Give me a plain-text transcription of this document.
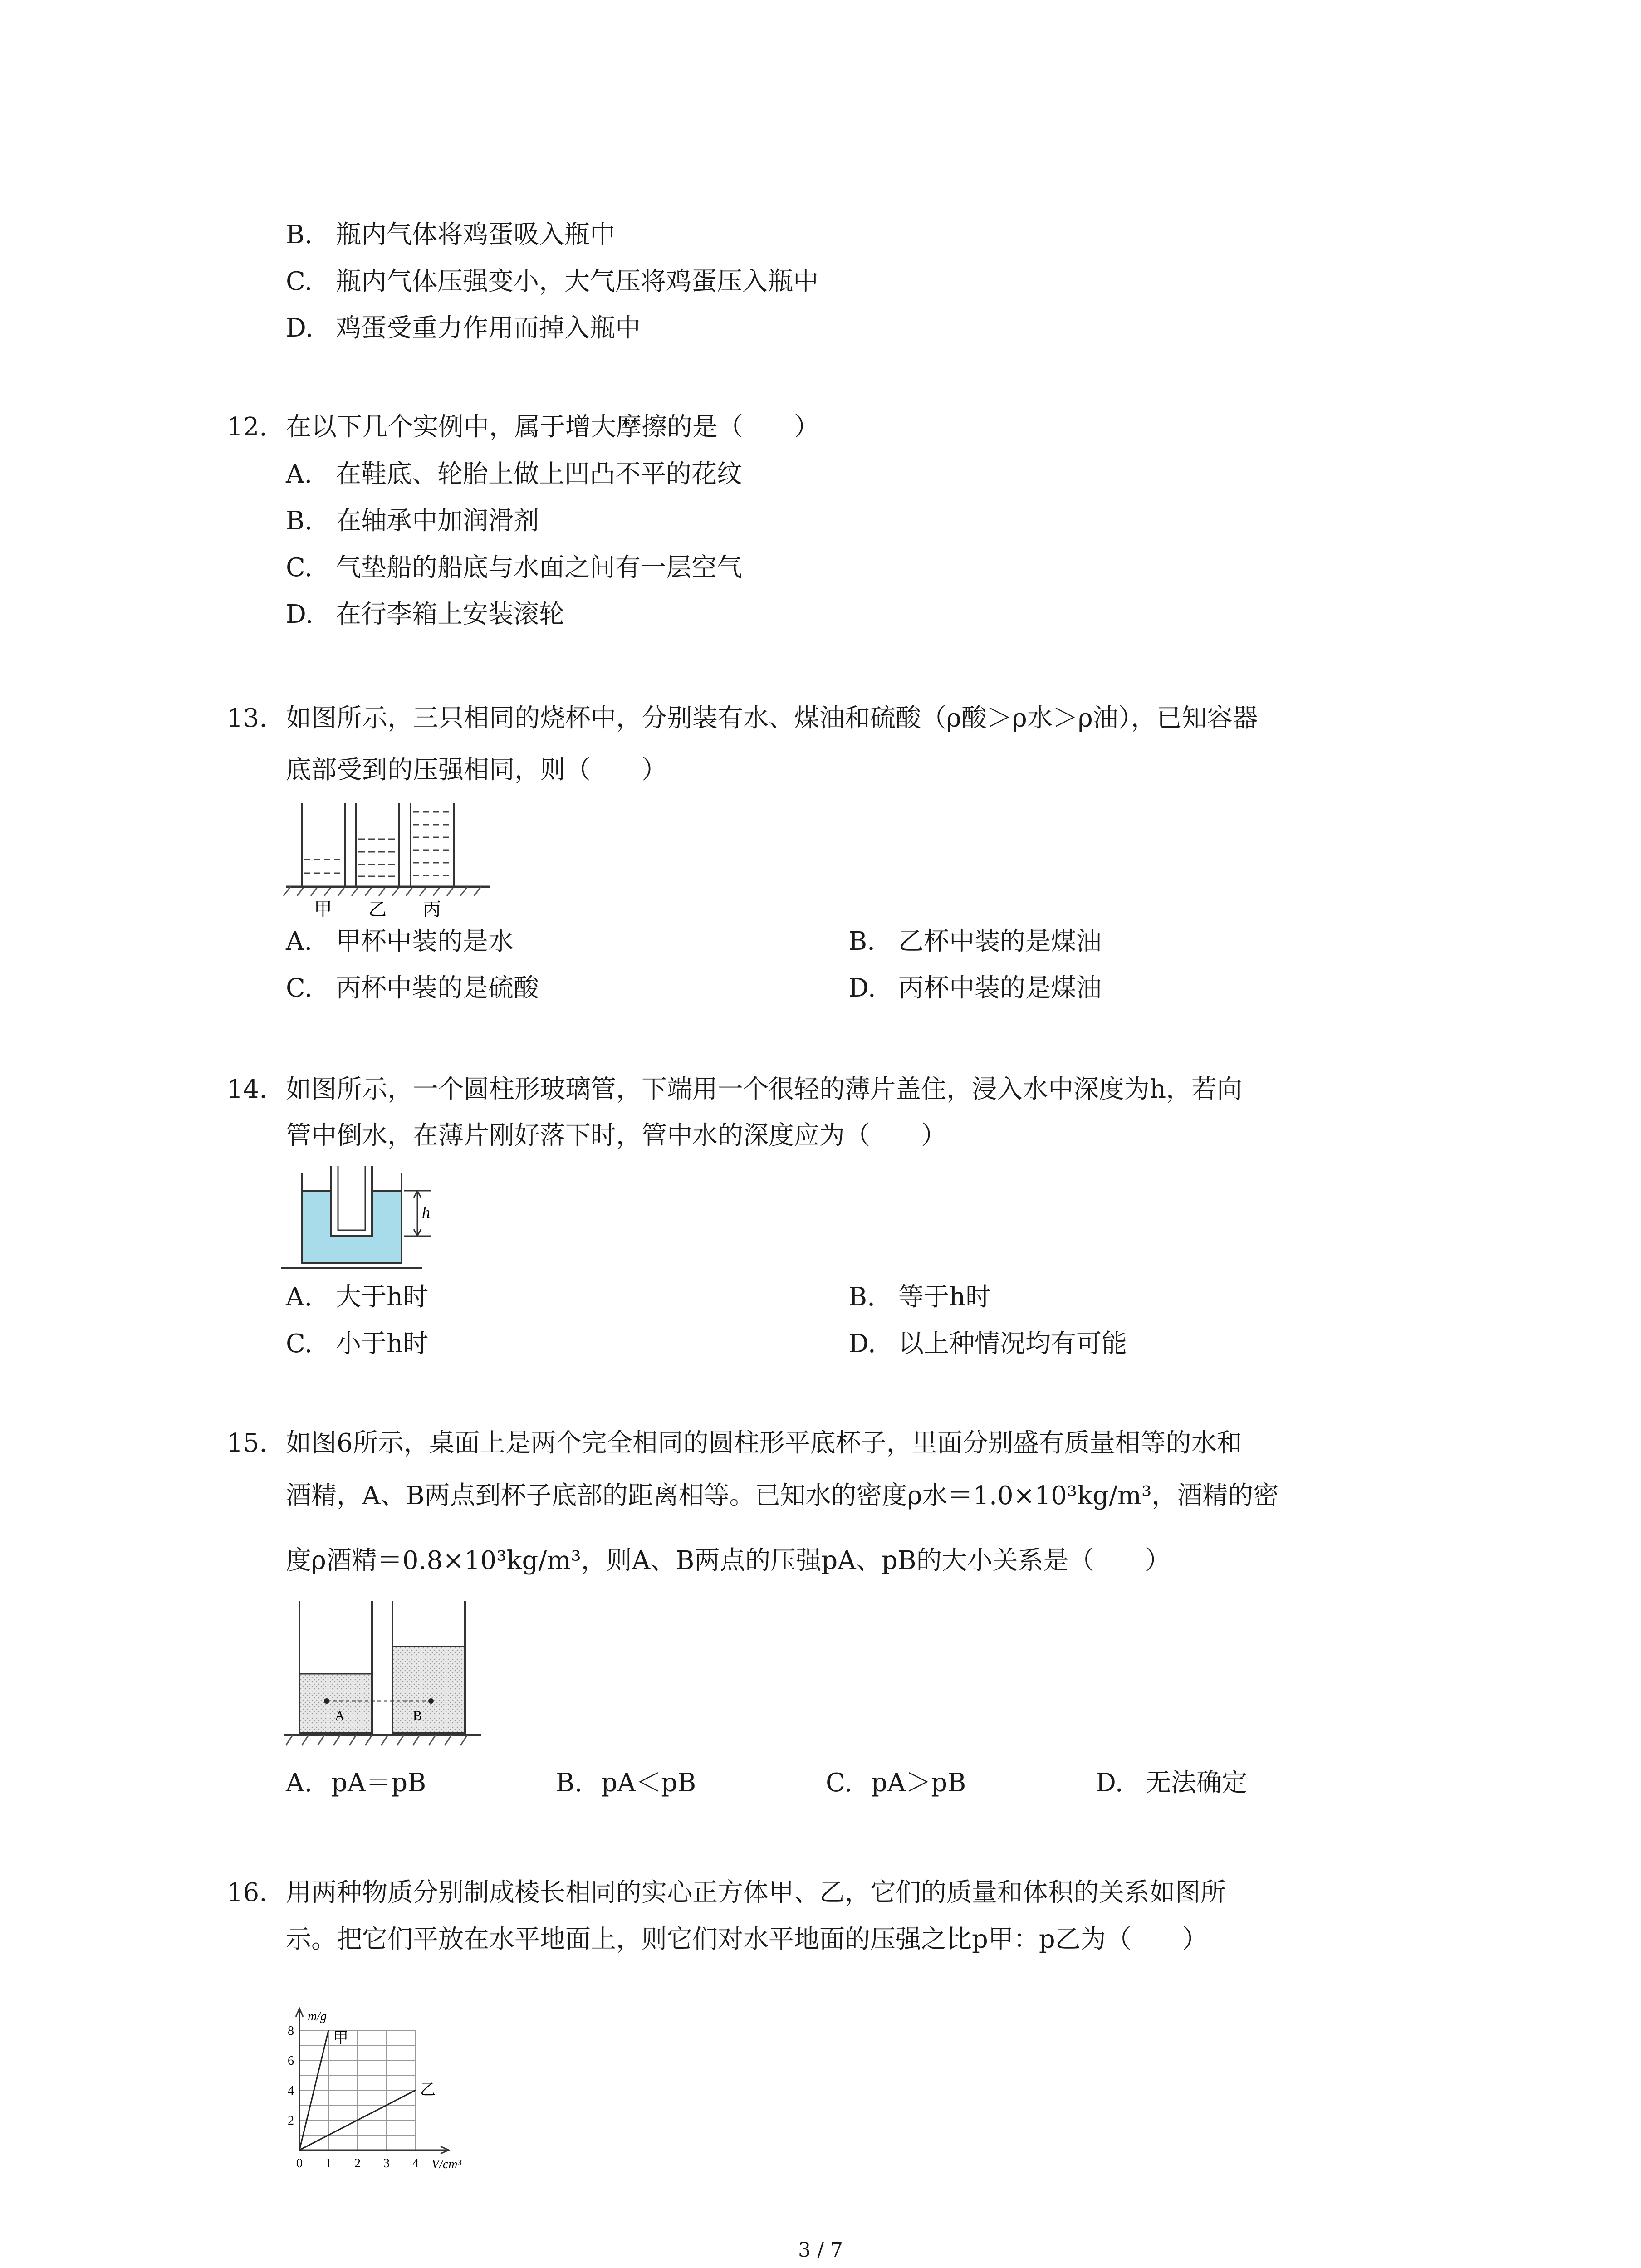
B. 瓶内气体将鸡蛋吸入瓶中
C. 瓶内气体压强变小，大气压将鸡蛋压入瓶中
D. 鸡蛋受重力作用而掉入瓶中
12. 在以下几个实例中，属于增大摩擦的是（　　）
A. 在鞋底、轮胎上做上凹凸不平的花纹
B. 在轴承中加润滑剂
C. 气垫船的船底与水面之间有一层空气
D. 在行李箱上安装滚轮
13. 如图所示，三只相同的烧杯中，分别装有水、煤油和硫酸（ρ酸＞ρ水＞ρ油），已知容器
底部受到的压强相同，则（　　）
甲 乙 丙
A. 甲杯中装的是水	B. 乙杯中装的是煤油
C. 丙杯中装的是硫酸	D. 丙杯中装的是煤油
14. 如图所示，一个圆柱形玻璃管，下端用一个很轻的薄片盖住，浸入水中深度为h，若向
管中倒水，在薄片刚好落下时，管中水的深度应为（　　）
h
A. 大于h时	B. 等于h时
C. 小于h时	D. 以上种情况均有可能
15. 如图6所示，桌面上是两个完全相同的圆柱形平底杯子，里面分别盛有质量相等的水和
酒精，A、B两点到杯子底部的距离相等。已知水的密度ρ水＝1.0×10³kg/m³，酒精的密
度ρ酒精＝0.8×10³kg/m³，则A、B两点的压强pA、pB的大小关系是（　　）
A	B
A. pA＝pB	B. pA＜pB	C. pA＞pB	D. 无法确定
16. 用两种物质分别制成棱长相同的实心正方体甲、乙，它们的质量和体积的关系如图所
示。把它们平放在水平地面上，则它们对水平地面的压强之比p甲：p乙为（　　）
0 1 2 3 4
2
4
6
8
V/cm³
m/g
甲
乙
3 / 7
